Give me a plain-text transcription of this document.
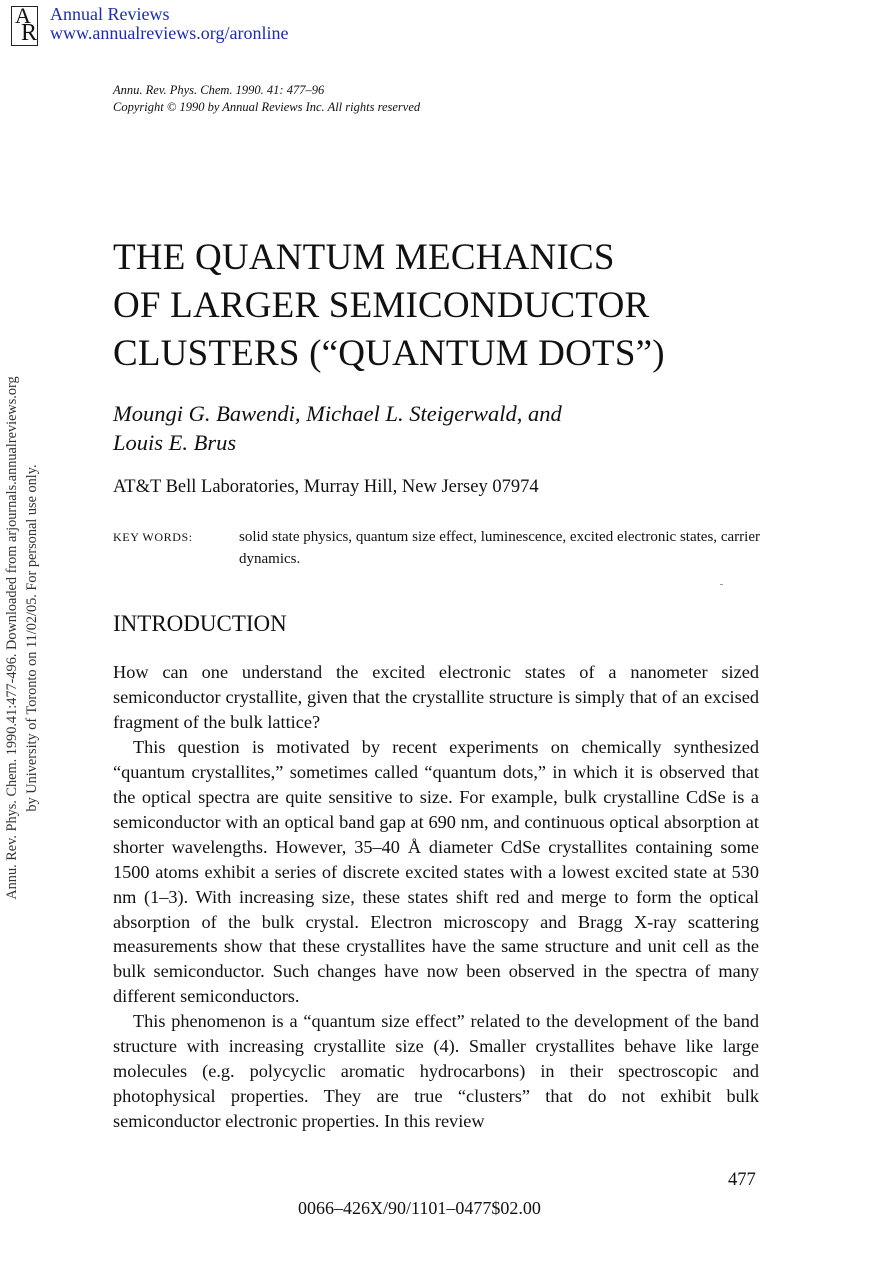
A
R
Annual Reviews
www.annualreviews.org/aronline
Annu. Rev. Phys. Chem. 1990. 41: 477–96
Copyright © 1990 by Annual Reviews Inc. All rights reserved
THE QUANTUM MECHANICS
OF LARGER SEMICONDUCTOR
CLUSTERS (“QUANTUM DOTS”)
Moungi G. Bawendi, Michael L. Steigerwald, and
Louis E. Brus
AT&T Bell Laboratories, Murray Hill, New Jersey 07974
KEY WORDS:	solid state physics, quantum size effect, luminescence, excited electronic states, carrier dynamics.
INTRODUCTION

How can one understand the excited electronic states of a nanometer sized semiconductor crystallite, given that the crystallite structure is simply that of an excised fragment of the bulk lattice?

This question is motivated by recent experiments on chemically synthesized “quantum crystallites,” sometimes called “quantum dots,” in which it is observed that the optical spectra are quite sensitive to size. For example, bulk crystalline CdSe is a semiconductor with an optical band gap at 690 nm, and continuous optical absorption at shorter wavelengths. However, 35–40 Å diameter CdSe crystallites containing some 1500 atoms exhibit a series of discrete excited states with a lowest excited state at 530 nm (1–3). With increasing size, these states shift red and merge to form the optical absorption of the bulk crystal. Electron microscopy and Bragg X-ray scattering measurements show that these crystallites have the same structure and unit cell as the bulk semiconductor. Such changes have now been observed in the spectra of many different semiconductors.

This phenomenon is a “quantum size effect” related to the development of the band structure with increasing crystallite size (4). Smaller crystallites behave like large molecules (e.g. polycyclic aromatic hydrocarbons) in their spectroscopic and photophysical properties. They are true “clusters” that do not exhibit bulk semiconductor electronic properties. In this review

477
0066–426X/90/1101–0477$02.00
Annu. Rev. Phys. Chem. 1990.41:477-496. Downloaded from arjournals.annualreviews.org by University of Toronto on 11/02/05. For personal use only.
